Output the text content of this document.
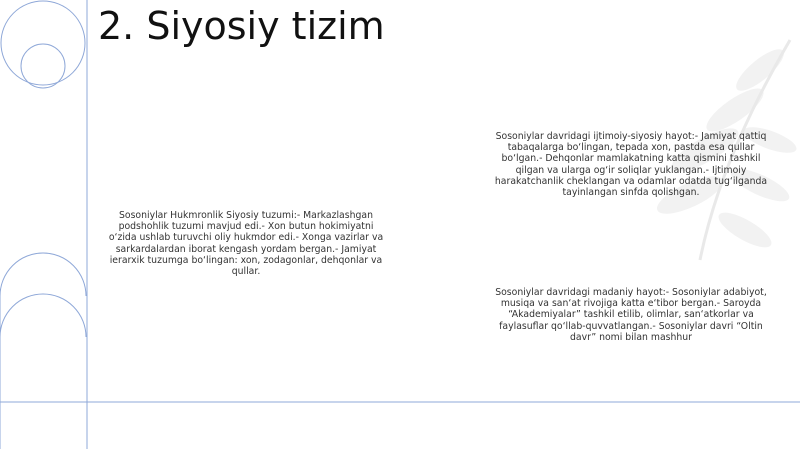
2. Siyosiy tizim
Sosoniylar Hukmronlik Siyosiy tuzumi:- Markazlashgan podshohlik tuzumi mavjud edi.- Xon butun hokimiyatni o‘zida ushlab turuvchi oliy hukmdor edi.- Xonga vazirlar va sarkardalardan iborat kengash yordam bergan.- Jamiyat ierarxik tuzumga bo‘lingan: xon, zodagonlar, dehqonlar va qullar.
Sosoniylar davridagi ijtimoiy-siyosiy hayot:- Jamiyat qattiq tabaqalarga bo‘lingan, tepada xon, pastda esa qullar bo‘lgan.- Dehqonlar mamlakatning katta qismini tashkil qilgan va ularga og‘ir soliqlar yuklangan.- Ijtimoiy harakatchanlik cheklangan va odamlar odatda tug‘ilganda tayinlangan sinfda qolishgan.
Sosoniylar davridagi madaniy hayot:- Sosoniylar adabiyot, musiqa va san‘at rivojiga katta e‘tibor bergan.- Saroyda “Akademiyalar” tashkil etilib, olimlar, san‘atkorlar va faylasuflar qo‘llab-quvvatlangan.- Sosoniylar davri “Oltin davr” nomi bilan mashhur
